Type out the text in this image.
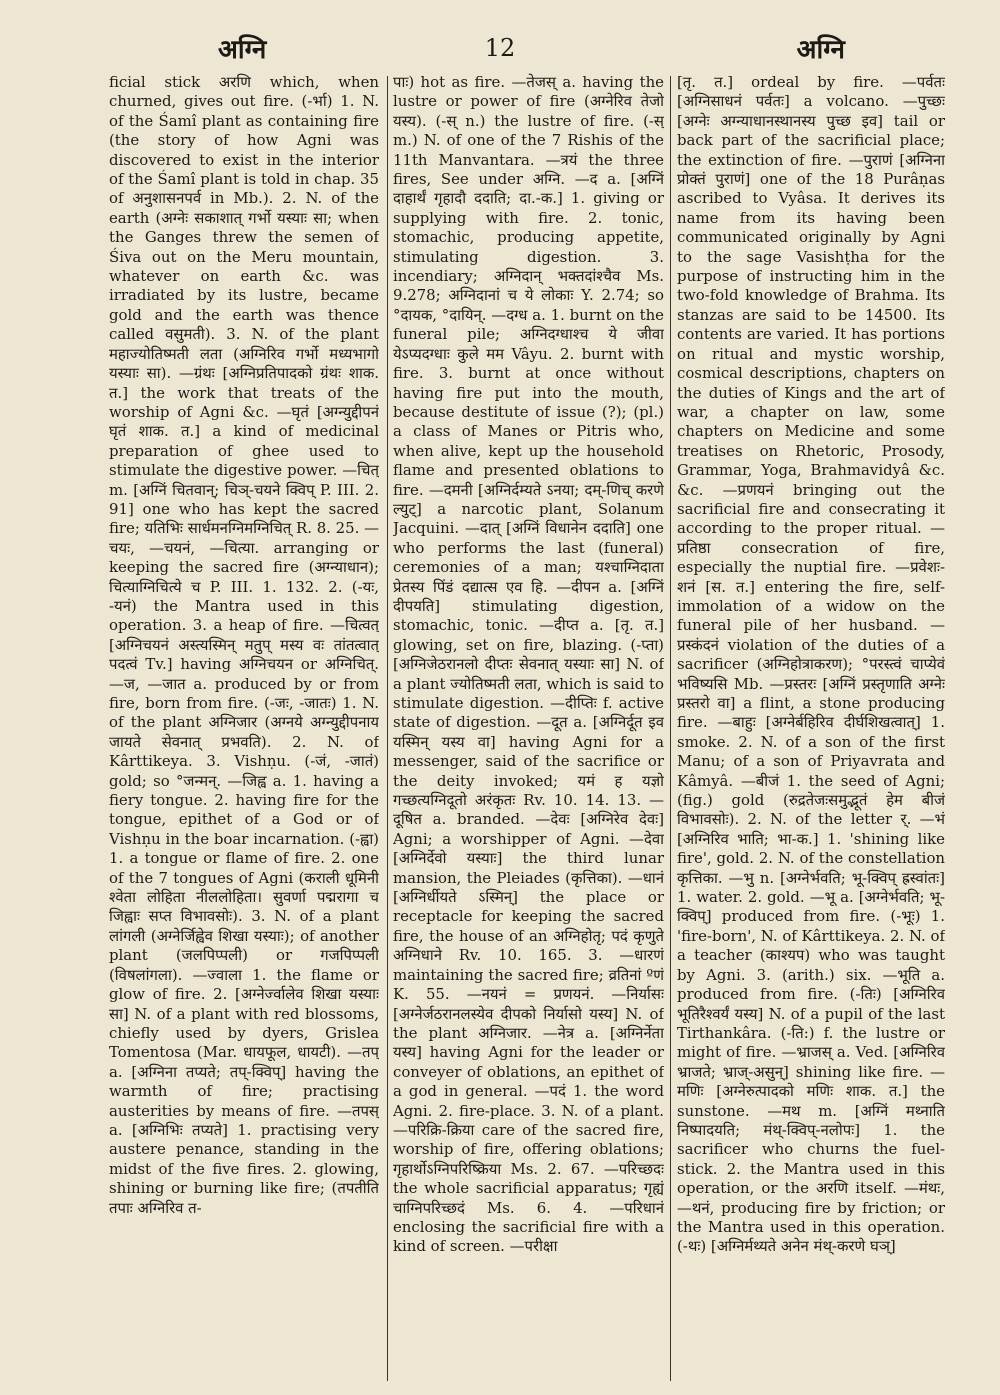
अग्नि	12	अग्नि

ficial stick अरणि which, when churned, gives out fire. (-र्भा) 1. N. of the Śamî plant as containing fire (the story of how Agni was discovered to exist in the interior of the Śamî plant is told in chap. 35 of अनुशासनपर्व in Mb.). 2. N. of the earth (अग्नेः सकाशात् गर्भो यस्याः सा; when the Ganges threw the semen of Śiva out on the Meru mountain, whatever on earth &c. was irradiated by its lustre, became gold and the earth was thence called वसुमती). 3. N. of the plant महाज्योतिष्मती लता (अग्निरिव गर्भो मध्यभागो यस्याः सा). —ग्रंथः [अग्निप्रतिपादको ग्रंथः शाक. त.] the work that treats of the worship of Agni &c. —घृतं [अग्न्युद्दीपनं घृतं शाक. त.] a kind of medicinal preparation of ghee used to stimulate the digestive power. —चित् m. [अग्निं चितवान्; चिञ्-चयने क्विप् P. III. 2. 91] one who has kept the sacred fire; यतिभिः सार्धमनग्निमग्निचित् R. 8. 25. —चयः, —चयनं, —चित्या. arranging or keeping the sacred fire (अग्न्याधान); चित्याग्निचित्ये च P. III. 1. 132. 2. (-यः, -यनं) the Mantra used in this operation. 3. a heap of fire. —चित्वत् [अग्निचयनं अस्त्यस्मिन् मतुप् मस्य वः तांतत्वात् पदत्वं Tv.] having अग्निचयन or अग्निचित्. —ज, —जात a. produced by or from fire, born from fire. (-जः, -जातः) 1. N. of the plant अग्निजार (अग्नये अग्न्युद्दीपनाय जायते सेवनात् प्रभवति). 2. N. of Kârttikeya. 3. Vishṇu. (-जं, -जातं) gold; so °जन्मन्. —जिह्व a. 1. having a fiery tongue. 2. having fire for the tongue, epithet of a God or of Vishṇu in the boar incarnation. (-ह्वा) 1. a tongue or flame of fire. 2. one of the 7 tongues of Agni (कराली धूमिनी श्वेता लोहिता नीललोहिता। सुवर्णा पद्मरागा च जिह्वाः सप्त विभावसोः). 3. N. of a plant लांगली (अग्नेर्जिह्वेव शिखा यस्याः); of another plant (जलपिप्पली) or गजपिप्पली (विषलांगला). —ज्वाला 1. the flame or glow of fire. 2. [अग्नेर्ज्वालेव शिखा यस्याः सा] N. of a plant with red blossoms, chiefly used by dyers, Grislea Tomentosa (Mar. धायफूल, धायटी). —तप् a. [अग्निना तप्यते; तप्-क्विप्] having the warmth of fire; practising austerities by means of fire. —तपस् a. [अग्निभिः तप्यते] 1. practising very austere penance, standing in the midst of the five fires. 2. glowing, shining or burning like fire; (तपतीति तपाः अग्निरिव त-

पाः) hot as fire. —तेजस् a. having the lustre or power of fire (अग्नेरिव तेजो यस्य). (-स् n.) the lustre of fire. (-स् m.) N. of one of the 7 Rishis of the 11th Manvantara. —त्रयं the three fires, See under अग्नि. —द a. [अग्निं दाहार्थं गृहादौ ददाति; दा.-क.] 1. giving or supplying with fire. 2. tonic, stomachic, producing appetite, stimulating digestion. 3. incendiary; अग्निदान् भक्तदांश्चैव Ms. 9.278; अग्निदानां च ये लोकाः Y. 2.74; so °दायक, °दायिन्. —दग्ध a. 1. burnt on the funeral pile; अग्निदग्धाश्च ये जीवा येऽप्यदग्धाः कुले मम Vâyu. 2. burnt with fire. 3. burnt at once without having fire put into the mouth, because destitute of issue (?); (pl.) a class of Manes or Pitris who, when alive, kept up the household flame and presented oblations to fire. —दमनी [अग्निर्दम्यते ऽनया; दम्-णिच् करणे ल्युट्] a narcotic plant, Solanum Jacquini. —दात् [अग्निं विधानेन ददाति] one who performs the last (funeral) ceremonies of a man; यश्चाग्निदाता प्रेतस्य पिंडं दद्यात्स एव हि. —दीपन a. [अग्निं दीपयति] stimulating digestion, stomachic, tonic. —दीप्त a. [तृ. त.] glowing, set on fire, blazing. (-प्ता) [अग्निजेठरानलो दीप्तः सेवनात् यस्याः सा] N. of a plant ज्योतिष्मती लता, which is said to stimulate digestion. —दीप्तिः f. active state of digestion. —दूत a. [अग्निर्दूत इव यस्मिन् यस्य वा] having Agni for a messenger, said of the sacrifice or the deity invoked; यमं ह यज्ञो गच्छत्यग्निदूतो अरंकृतः Rv. 10. 14. 13. —दूषित a. branded. —देवः [अग्निरेव देवः] Agni; a worshipper of Agni. —देवा [अग्निर्देवो यस्याः] the third lunar mansion, the Pleiades (कृत्तिका). —धानं [अग्निर्धीयते ऽस्मिन्] the place or receptacle for keeping the sacred fire, the house of an अग्निहोतृ; पदं कृणुते अग्निधाने Rv. 10. 165. 3. —धारणं maintaining the sacred fire; व्रतिनां ºणं K. 55. —नयनं = प्रणयनं. —निर्यासः [अग्नेर्जठरानलस्येव दीपको निर्यासो यस्य] N. of the plant अग्निजार. —नेत्र a. [अग्निर्नेता यस्य] having Agni for the leader or conveyer of oblations, an epithet of a god in general. —पदं 1. the word Agni. 2. fire-place. 3. N. of a plant. —परिक्रि-क्रिया care of the sacred fire, worship of fire, offering oblations; गृहार्थोऽग्निपरिष्क्रिया Ms. 2. 67. —परिच्छदः the whole sacrificial apparatus; गृह्यं चाग्निपरिच्छदं Ms. 6. 4. —परिधानं enclosing the sacrificial fire with a kind of screen. —परीक्षा

[तृ. त.] ordeal by fire. —पर्वतः [अग्निसाधनं पर्वतः] a volcano. —पुच्छः [अग्नेः अग्न्याधानस्थानस्य पुच्छ इव] tail or back part of the sacrificial place; the extinction of fire. —पुराणं [अग्निना प्रोक्तं पुराणं] one of the 18 Purâṇas ascribed to Vyâsa. It derives its name from its having been communicated originally by Agni to the sage Vasishṭha for the purpose of instructing him in the two-fold knowledge of Brahma. Its stanzas are said to be 14500. Its contents are varied. It has portions on ritual and mystic worship, cosmical descriptions, chapters on the duties of Kings and the art of war, a chapter on law, some chapters on Medicine and some treatises on Rhetoric, Prosody, Grammar, Yoga, Brahmavidyâ &c. &c. —प्रणयनं bringing out the sacrificial fire and consecrating it according to the proper ritual. —प्रतिष्ठा consecration of fire, especially the nuptial fire. —प्रवेशः-शनं [स. त.] entering the fire, self-immolation of a widow on the funeral pile of her husband. —प्रस्कंदनं violation of the duties of a sacrificer (अग्निहोत्राकरण); °परस्त्वं चाप्येवं भविष्यसि Mb. —प्रस्तरः [अग्निं प्रस्तृणाति अग्नेः प्रस्तरो वा] a flint, a stone producing fire. —बाहुः [अग्नेर्बहिरिव दीर्घशिखत्वात्] 1. smoke. 2. N. of a son of the first Manu; of a son of Priyavrata and Kâmyâ. —बीजं 1. the seed of Agni; (fig.) gold (रुद्रतेजःसमुद्भूतं हेम बीजं विभावसोः). 2. N. of the letter र्. —भं [अग्निरिव भाति; भा-क.] 1. 'shining like fire', gold. 2. N. of the constellation कृत्तिका. —भु n. [अग्नेर्भवति; भू-क्विप् ह्रस्वांतः] 1. water. 2. gold. —भू a. [अग्नेर्भवति; भू-क्विप्] produced from fire. (-भूः) 1. 'fire-born', N. of Kârttikeya. 2. N. of a teacher (काश्यप) who was taught by Agni. 3. (arith.) six. —भूति a. produced from fire. (-तिः) [अग्निरिव भूतिरैश्वर्यं यस्य] N. of a pupil of the last Tirthankâra. (-ति:) f. the lustre or might of fire. —भ्राजस् a. Ved. [अग्निरिव भ्राजते; भ्राज्-असुन्] shining like fire. —मणिः [अग्नेरुत्पादको मणिः शाक. त.] the sunstone. —मथ m. [अग्निं मथ्नाति निष्पादयति; मंथ्-क्विप्-नलोपः] 1. the sacrificer who churns the fuel-stick. 2. the Mantra used in this operation, or the अरणि itself. —मंथः, —थनं, producing fire by friction; or the Mantra used in this operation. (-थः) [अग्निर्मथ्यते अनेन मंथ्-करणे घञ्]
